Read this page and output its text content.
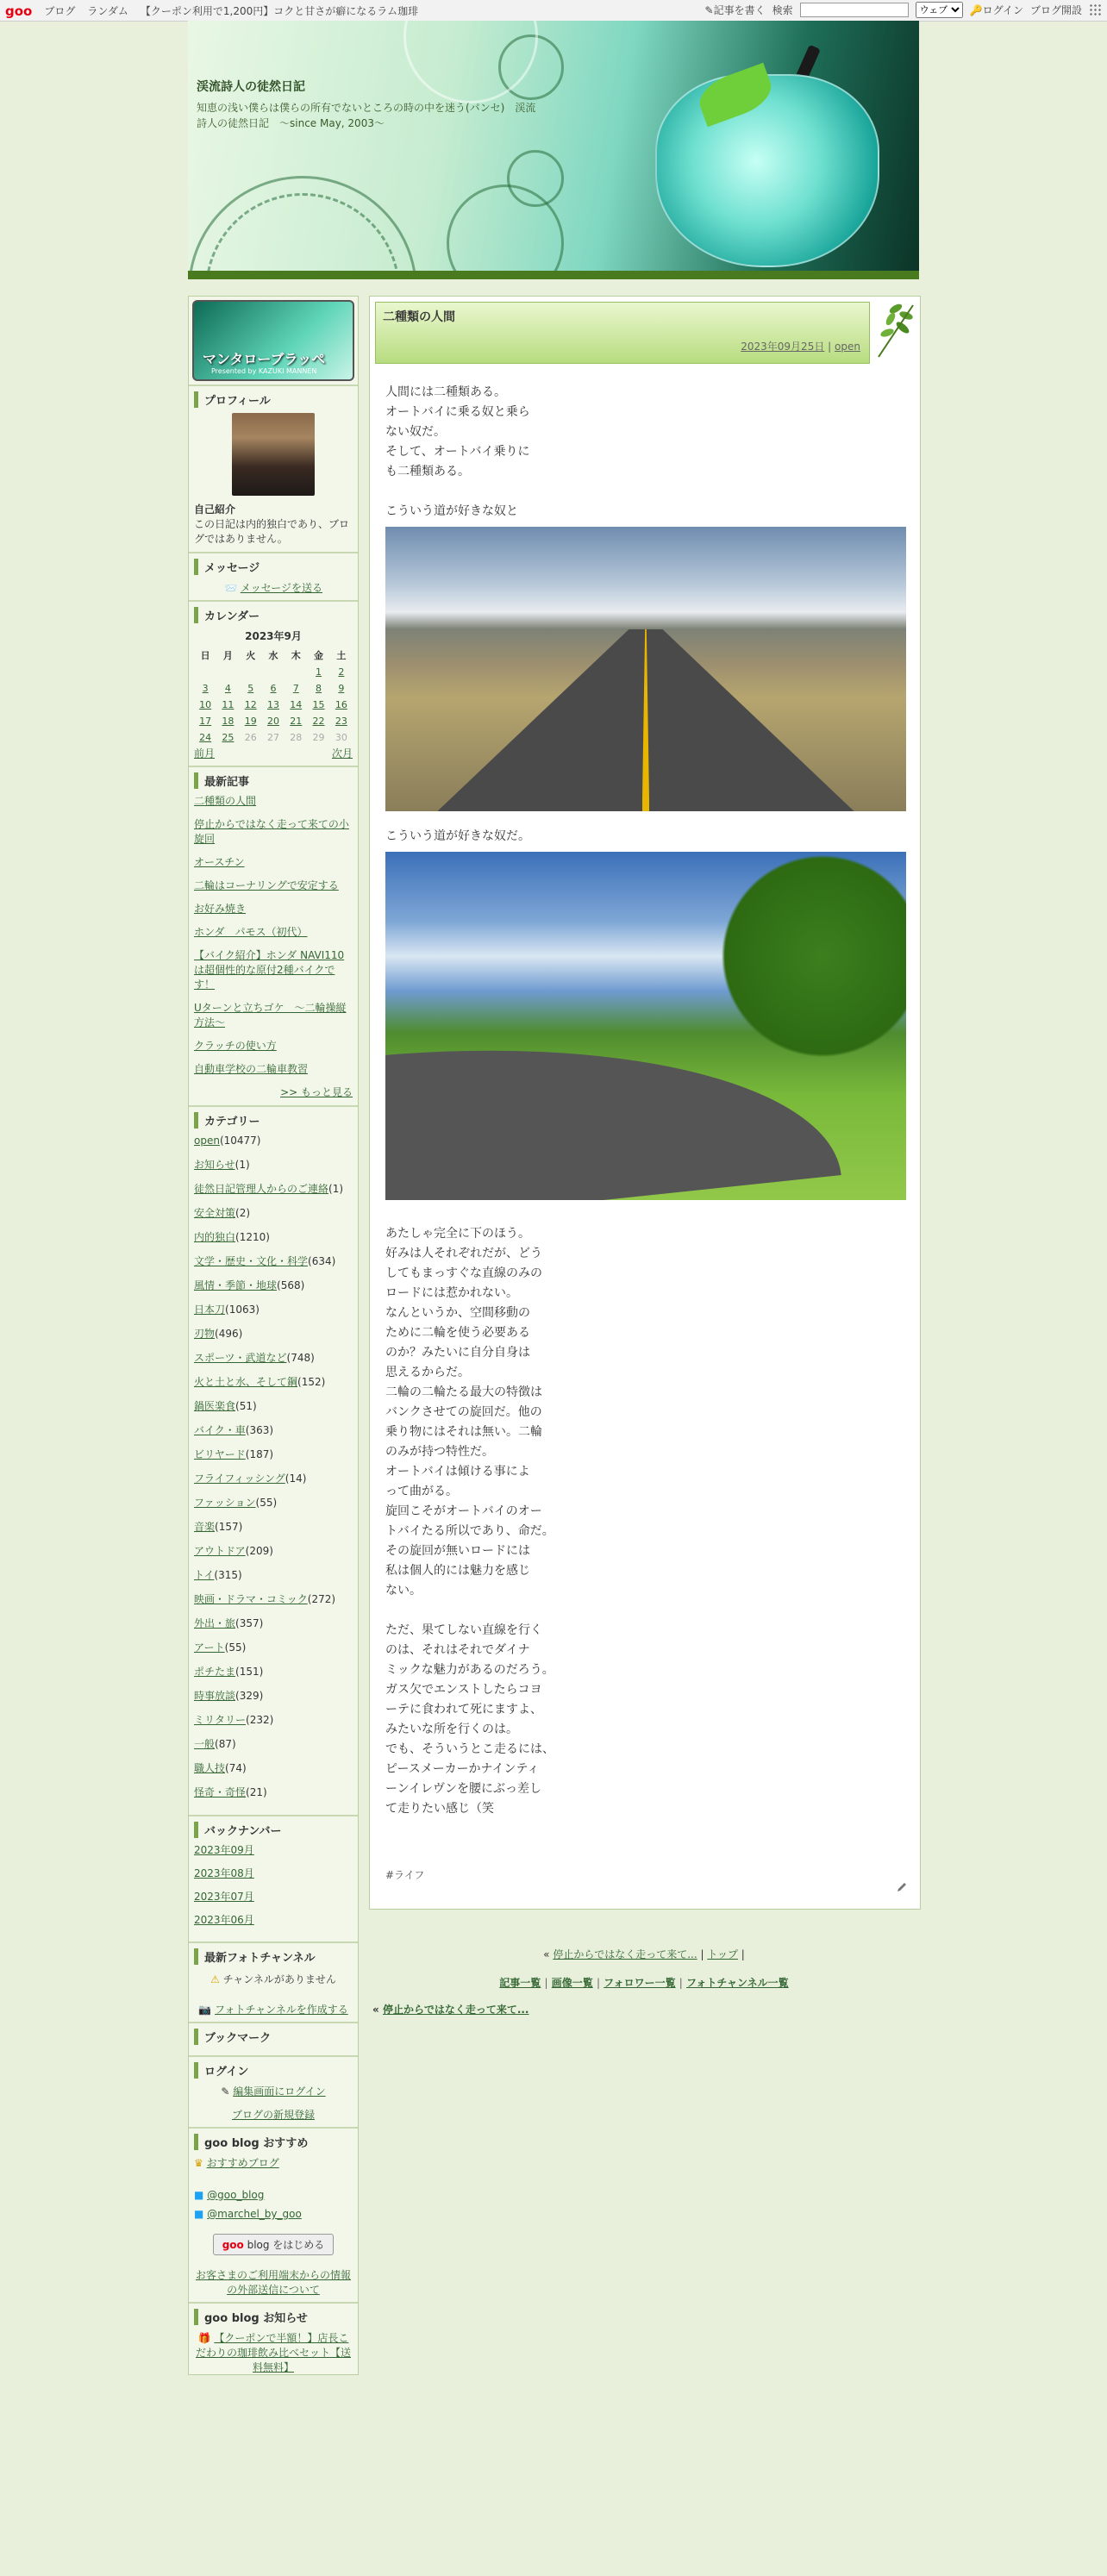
goo ブログ ランダム 【クーポン利用で1,200円】コクと甘さが癖になるラム珈琲	✎記事を書く 検索
ウェブ	🔑ログイン ブログ開設
渓流詩人の徒然日記
知恵の浅い僕らは僕らの所有でないところの時の中を迷う(パンセ)　渓流詩人の徒然日記　～since May, 2003～
マンタローブラッペ
Presented by KAZUKI MANNEN
プロフィール
自己紹介
この日記は内的独白であり、ブログではありません。
メッセージ
📨 メッセージを送る
カレンダー
2023年9月
日	月	火	水	木	金	土
					1	2
3	4	5	6	7	8	9
10	11	12	13	14	15	16
17	18	19	20	21	22	23
24	25	26	27	28	29	30
前月	次月
最新記事
二種類の人間
停止からではなく走って来ての小旋回
オースチン
二輪はコーナリングで安定する
お好み焼き
ホンダ　パモス（初代）
【バイク紹介】ホンダ NAVI110は超個性的な原付2種バイクです！
Uターンと立ちゴケ　〜二輪操縦方法〜
クラッチの使い方
自動車学校の二輪車教習
>> もっと見る
カテゴリー
open(10477)
お知らせ(1)
徒然日記管理人からのご連絡(1)
安全対策(2)
内的独白(1210)
文学・歴史・文化・科学(634)
風情・季節・地球(568)
日本刀(1063)
刃物(496)
スポーツ・武道など(748)
火と土と水、そして鋼(152)
鍋医楽食(51)
バイク・車(363)
ビリヤード(187)
フライフィッシング(14)
ファッション(55)
音楽(157)
アウトドア(209)
トイ(315)
映画・ドラマ・コミック(272)
外出・旅(357)
アート(55)
ポチたま(151)
時事放談(329)
ミリタリー(232)
一般(87)
職人技(74)
怪奇・奇怪(21)
バックナンバー
2023年09月
2023年08月
2023年07月
2023年06月
最新フォトチャンネル
⚠ チャンネルがありません
📷 フォトチャンネルを作成する
ブックマーク
ログイン
✎ 編集画面にログイン
ブログの新規登録
goo blog おすすめ
♛ おすすめブログ
■ @goo_blog
■ @marchel_by_goo
goo blog をはじめる
お客さまのご利用端末からの情報の外部送信について
goo blog お知らせ
🎁 【クーポンで半額！】店長こだわりの珈琲飲み比べセット【送料無料】
二種類の人間
2023年09月25日 | open

人間には二種類ある。

オートバイに乗る奴と乗ら

ない奴だ。

そして、オートバイ乗りに

も二種類ある。

こういう道が好きな奴と

こういう道が好きな奴だ。

あたしゃ完全に下のほう。

好みは人それぞれだが、どう

してもまっすぐな直線のみの

ロードには惹かれない。

なんというか、空間移動の

ために二輪を使う必要ある

のか？みたいに自分自身は

思えるからだ。

二輪の二輪たる最大の特徴は

バンクさせての旋回だ。他の

乗り物にはそれは無い。二輪

のみが持つ特性だ。

オートバイは傾ける事によ

って曲がる。

旋回こそがオートバイのオー

トバイたる所以であり、命だ。

その旋回が無いロードには

私は個人的には魅力を感じ

ない。

ただ、果てしない直線を行く

のは、それはそれでダイナ

ミックな魅力があるのだろう。

ガス欠でエンストしたらコヨ

ーテに食われて死にますよ、

みたいな所を行くのは。

でも、そういうとこ走るには、

ピースメーカーかナインティ

ーンイレヴンを腰にぶっ差し

て走りたい感じ（笑

#ライフ
« 停止からではなく走って来て... | トップ |
記事一覧 | 画像一覧 | フォロワー一覧 | フォトチャンネル一覧
« 停止からではなく走って来て...
